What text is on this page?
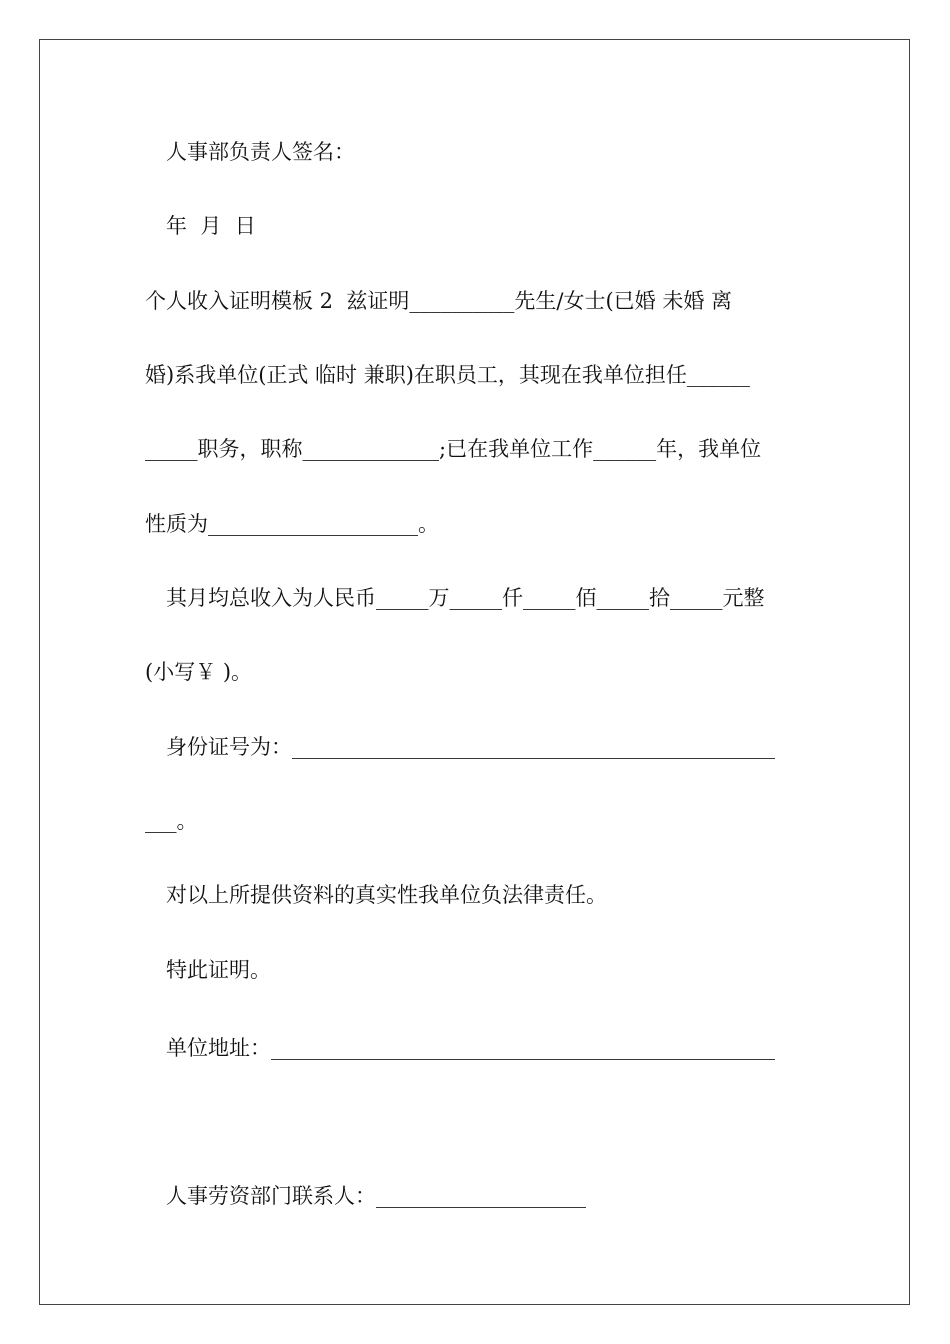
人事部负责人签名：
年  月  日
个人收入证明模板 2  兹证明__________先生/女士(已婚 未婚 离
婚)系我单位(正式 临时 兼职)在职员工，其现在我单位担任______
_____职务，职称_____________;已在我单位工作______年，我单位
性质为____________________。
其月均总收入为人民币_____万_____仟_____佰_____拾_____元整
(小写￥ )。
身份证号为：______________________________________________
___。
对以上所提供资料的真实性我单位负法律责任。
特此证明。
单位地址：________________________________________________
人事劳资部门联系人：____________________
